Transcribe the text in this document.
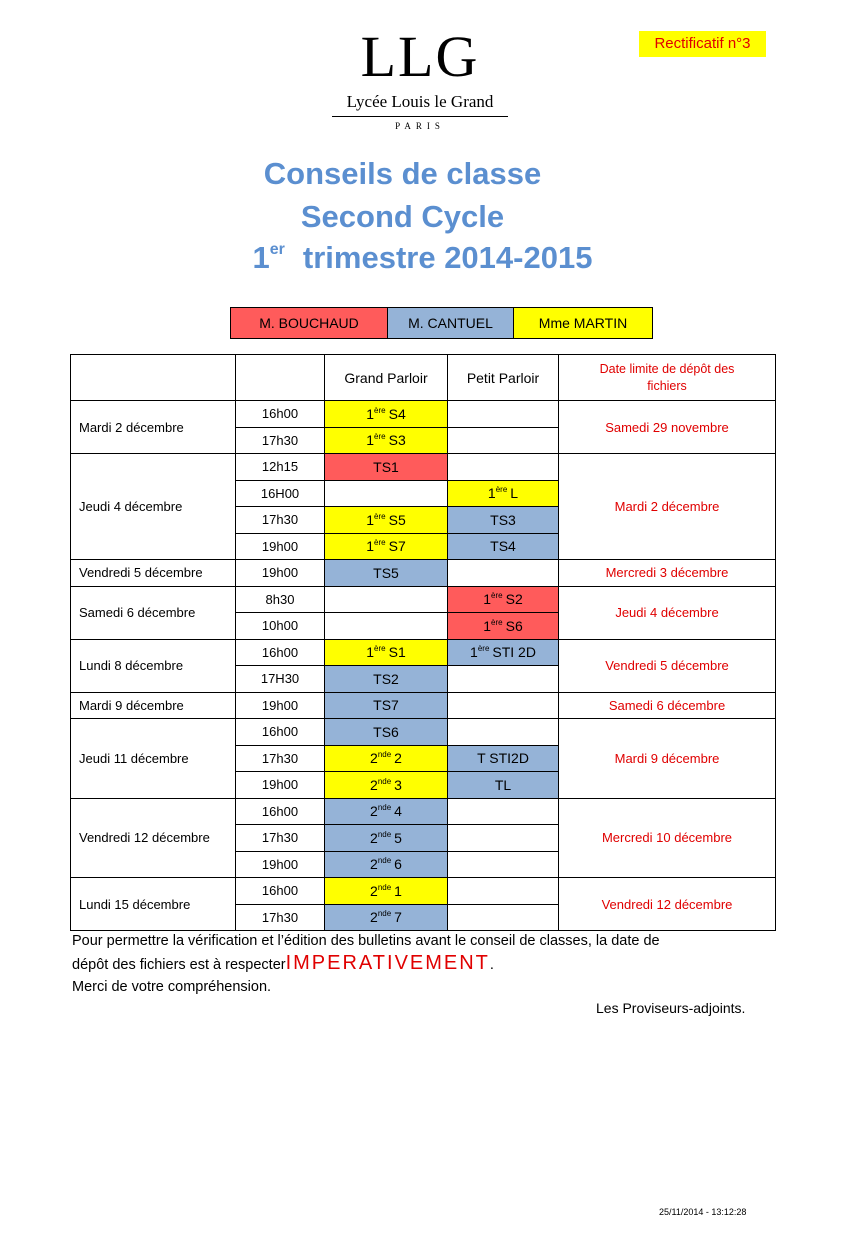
LLG
Lycée Louis le Grand
PARIS
Rectificatif n°3
Conseils de classe
Second Cycle
1er trimestre 2014-2015
M. BOUCHAUD	M. CANTUEL	Mme MARTIN
		Grand Parloir	Petit Parloir	Date limite de dépôt des fichiers

Mardi 2 décembre	16h00	1ère S4		Samedi 29 novembre
	17h30	1ère S3		
Jeudi 4 décembre	12h15	TS1		Mardi 2 décembre
	16H00		1ère L	
	17h30	1ère S5	TS3	
	19h00	1ère S7	TS4	
Vendredi 5 décembre	19h00	TS5		Mercredi 3 décembre
Samedi 6 décembre	8h30		1ère S2	Jeudi 4 décembre
	10h00		1ère S6	
Lundi 8 décembre	16h00	1ère S1	1ère STI 2D	Vendredi 5 décembre
	17H30	TS2		
Mardi 9 décembre	19h00	TS7		Samedi 6 décembre
Jeudi 11 décembre	16h00	TS6		Mardi 9 décembre
	17h30	2nde 2	T STI2D	
	19h00	2nde 3	TL	
Vendredi 12 décembre	16h00	2nde 4		Mercredi 10 décembre
	17h30	2nde 5		
	19h00	2nde 6		
Lundi 15 décembre	16h00	2nde 1		Vendredi 12 décembre
	17h30	2nde 7		
Pour permettre la vérification et l’édition des bulletins avant le conseil de classes, la date de
dépôt des fichiers est à respecterIMPERATIVEMENT.
Merci de votre compréhension.
Les Proviseurs-adjoints.
25/11/2014 - 13:12:28
